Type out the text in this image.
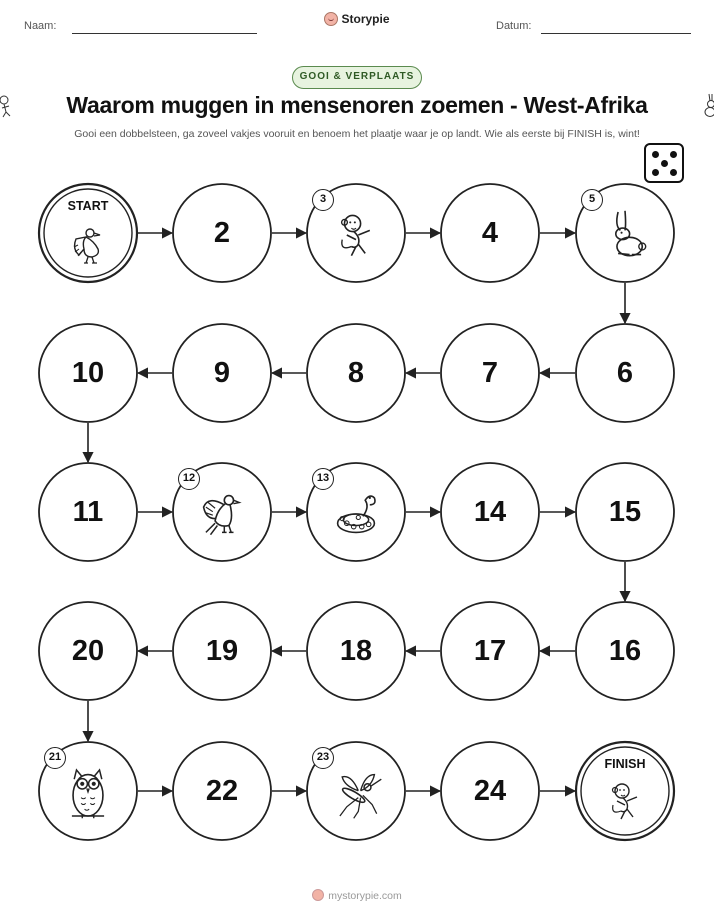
Naam:	Storypie	Datum:
GOOI & VERPLAATS
Waarom muggen in mensenoren zoemen - West-Afrika
Gooi een dobbelsteen, ga zoveel vakjes vooruit en benoem het plaatje waar je op landt. Wie als eerste bij FINISH is, wint!
START
2
3
4
5
6
7
8
9
10
11
12	13
14	15
16
17
18
19
20
21
22
23
24
FINISH
mystorypie.com
